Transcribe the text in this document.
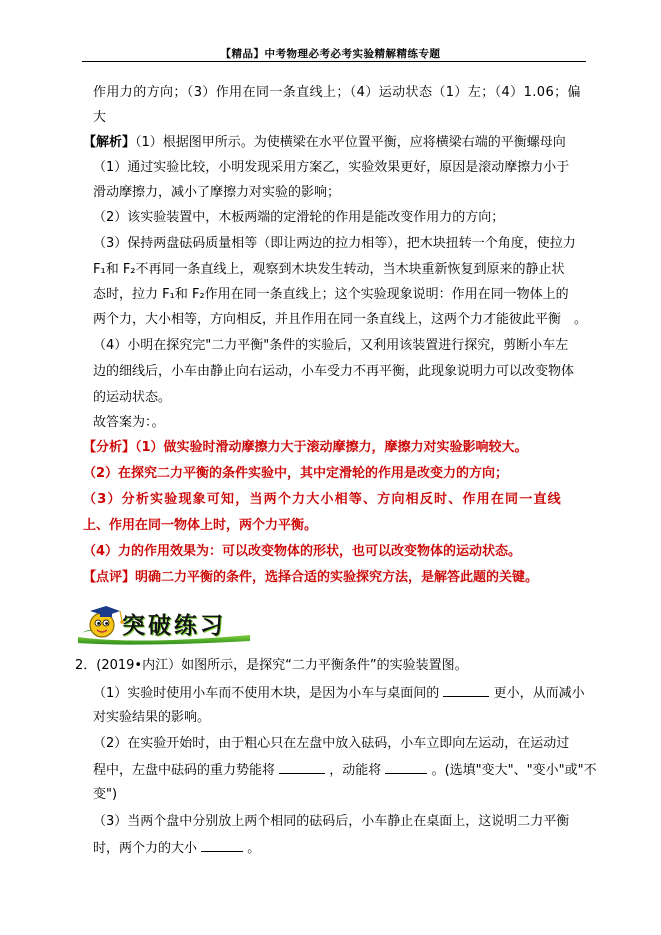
【精品】中考物理必考必考实验精解精练专题
作用力的方向；（3）作用在同一条直线上；（4）运动状态（1）左；（4）1.06；偏
大
【解析】（1）根据图甲所示。为使横梁在水平位置平衡，应将横梁右端的平衡螺母向
（1）通过实验比较，小明发现采用方案乙，实验效果更好，原因是滚动摩擦力小于
滑动摩擦力，减小了摩擦力对实验的影响；
（2）该实验装置中，木板两端的定滑轮的作用是能改变作用力的方向；
（3）保持两盘砝码质量相等（即让两边的拉力相等），把木块扭转一个角度，使拉力
F₁和 F₂不再同一条直线上，观察到木块发生转动，当木块重新恢复到原来的静止状
态时，拉力 F₁和 F₂作用在同一条直线上；这个实验现象说明：作用在同一物体上的
两个力，大小相等，方向相反，并且作用在同一条直线上，这两个力才能彼此平衡　。
（4）小明在探究完"二力平衡"条件的实验后，又利用该装置进行探究，剪断小车左
边的细线后，小车由静止向右运动，小车受力不再平衡，此现象说明力可以改变物体
的运动状态。
故答案为：。
【分析】（1）做实验时滑动摩擦力大于滚动摩擦力，摩擦力对实验影响较大。
（2）在探究二力平衡的条件实验中，其中定滑轮的作用是改变力的方向；
（3）分析实验现象可知，当两个力大小相等、方向相反时、作用在同一直线
上、作用在同一物体上时，两个力平衡。
（4）力的作用效果为：可以改变物体的形状，也可以改变物体的运动状态。
【点评】明确二力平衡的条件，选择合适的实验探究方法，是解答此题的关键。
突破练习
2．(2019•内江）如图所示，是探究“二力平衡条件”的实验装置图。
（1）实验时使用小车而不使用木块，是因为小车与桌面间的	更小，从而减小
对实验结果的影响。
（2）在实验开始时，由于粗心只在左盘中放入砝码，小车立即向左运动，在运动过
程中，左盘中砝码的重力势能将	，动能将	。(选填"变大"、"变小"或"不
变")
（3）当两个盘中分别放上两个相同的砝码后，小车静止在桌面上，这说明二力平衡
时，两个力的大小	。
